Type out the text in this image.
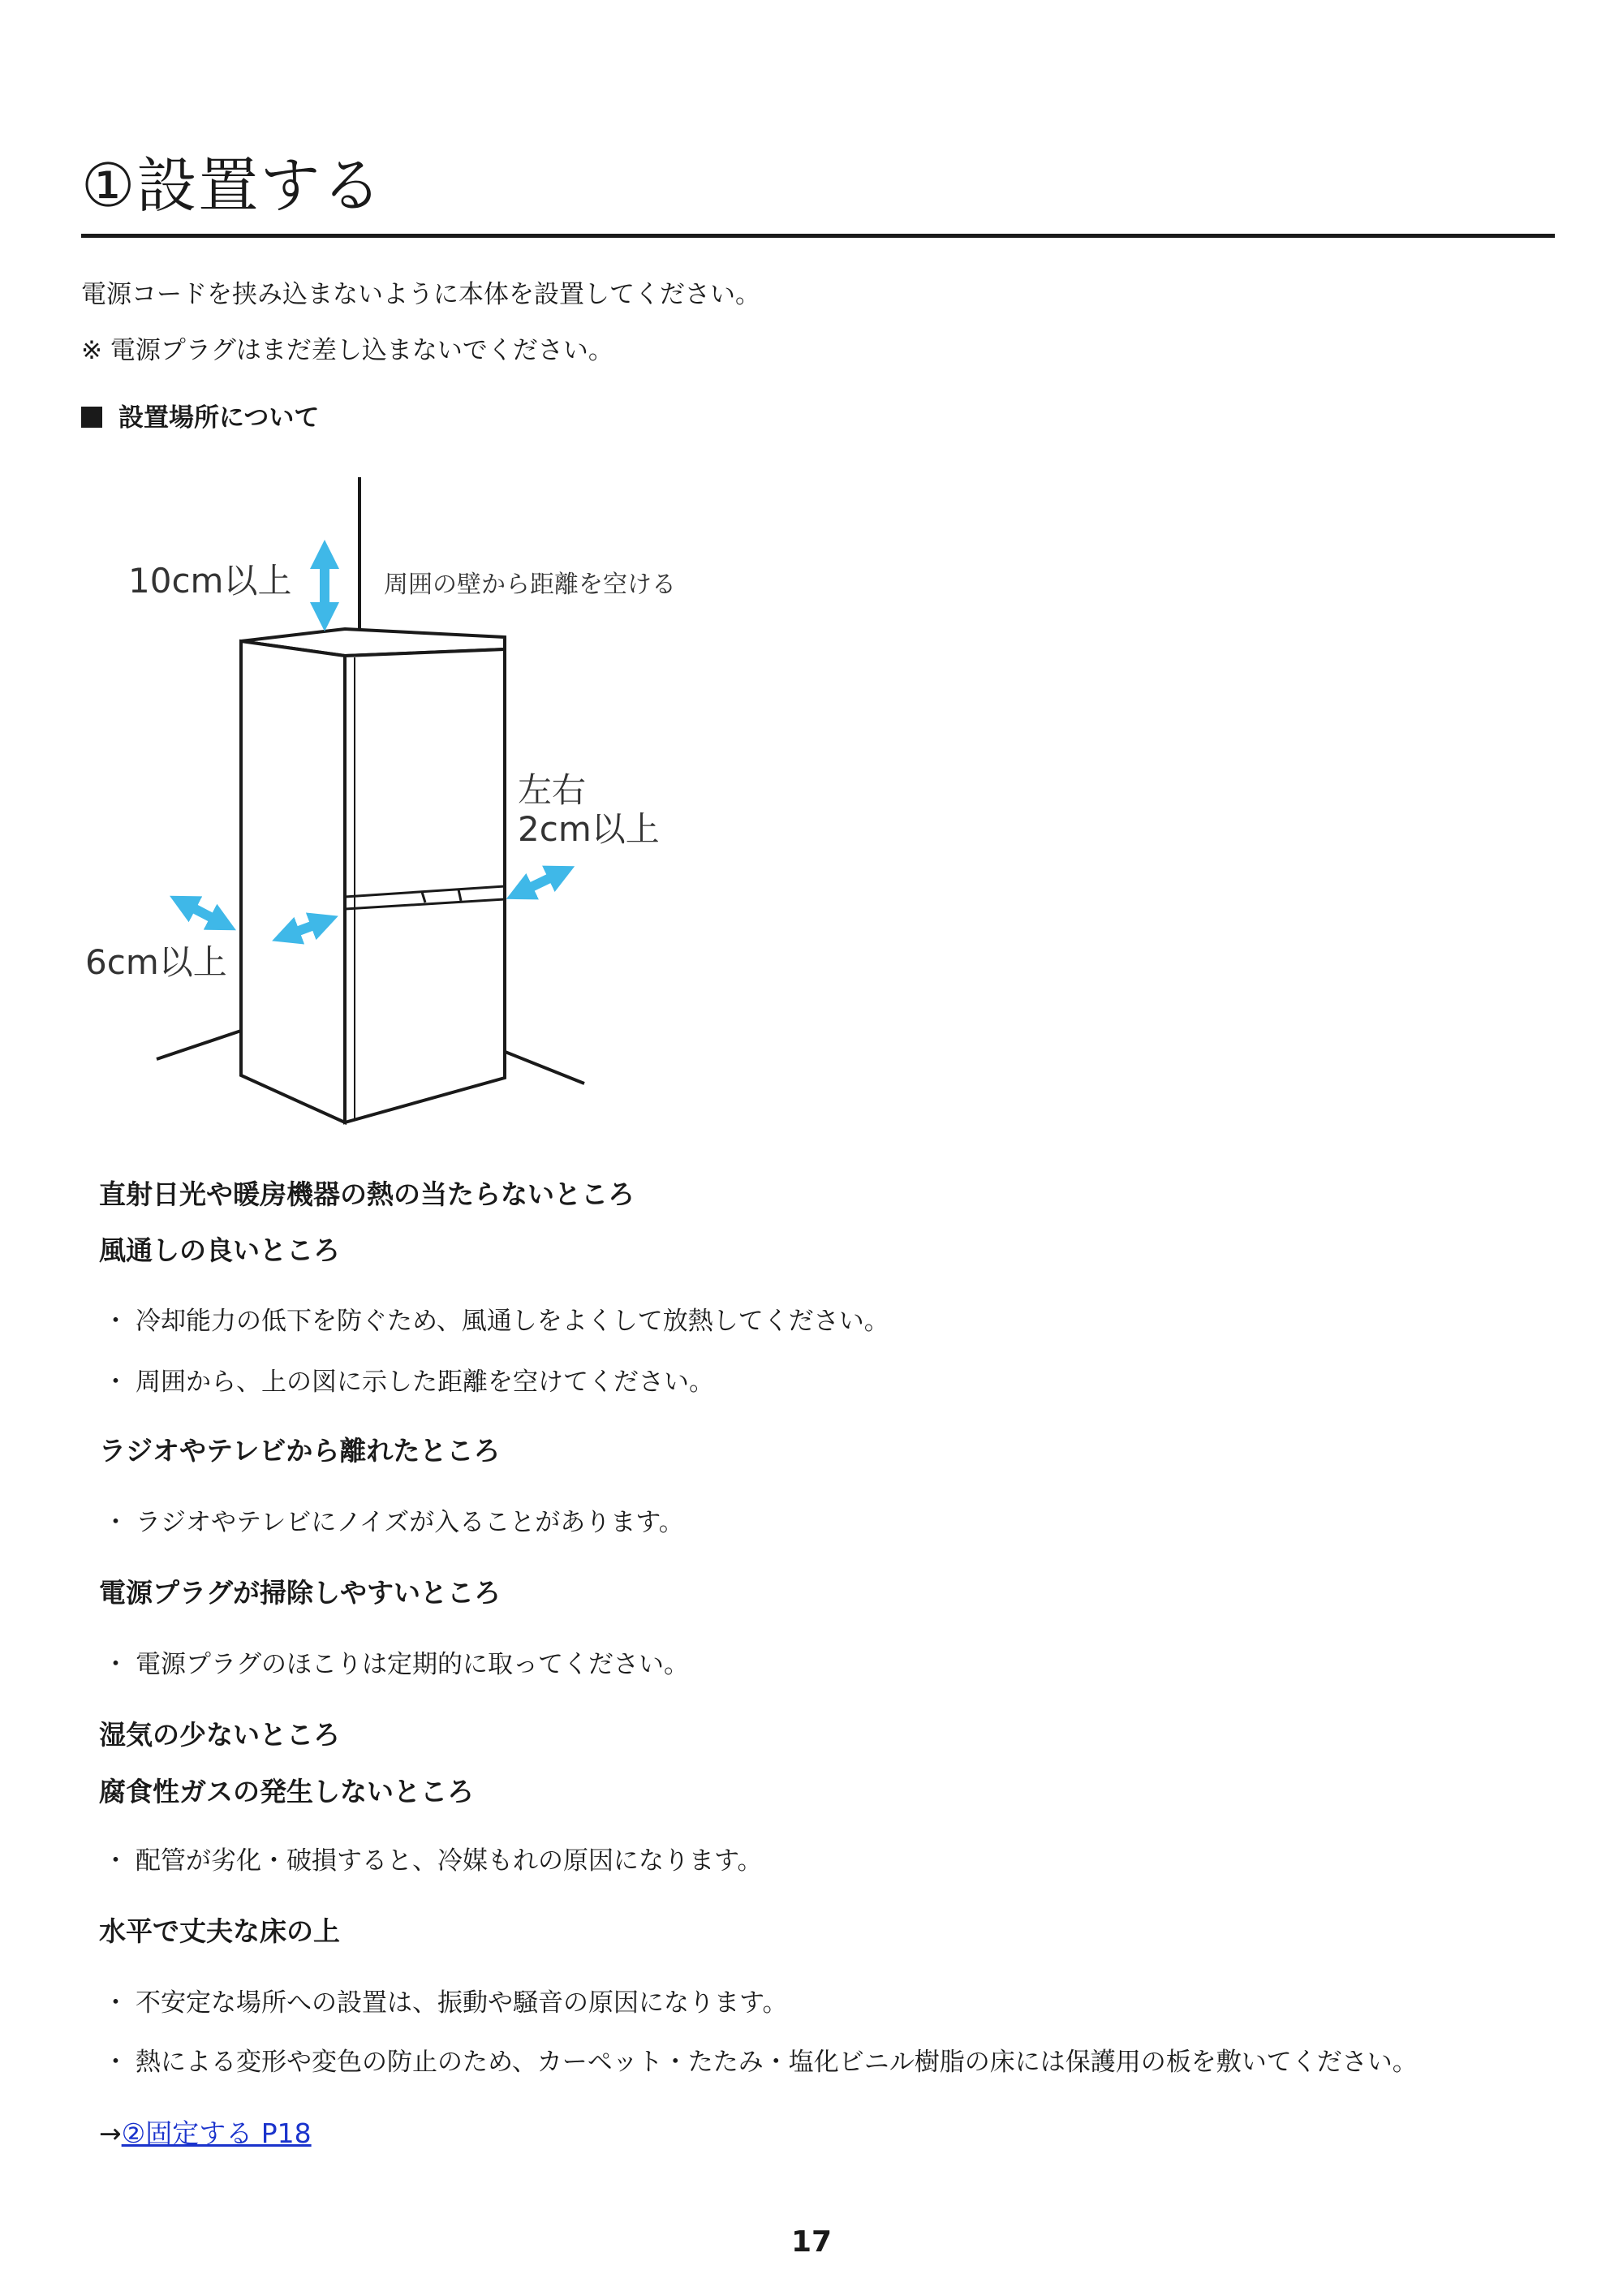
①設置する
電源コードを挟み込まないように本体を設置してください。
※ 電源プラグはまだ差し込まないでください。
設置場所について
10cm以上	周囲の壁から距離を空ける
左右
2cm以上
6cm以上
直射日光や暖房機器の熱の当たらないところ
風通しの良いところ
・ 冷却能力の低下を防ぐため、風通しをよくして放熱してください。
・ 周囲から、上の図に示した距離を空けてください。
ラジオやテレビから離れたところ
・ ラジオやテレビにノイズが入ることがあります。
電源プラグが掃除しやすいところ
・ 電源プラグのほこりは定期的に取ってください。
湿気の少ないところ
腐食性ガスの発生しないところ
・ 配管が劣化・破損すると、冷媒もれの原因になります。
水平で丈夫な床の上
・ 不安定な場所への設置は、振動や騒音の原因になります。
・ 熱による変形や変色の防止のため、カーペット・たたみ・塩化ビニル樹脂の床には保護用の板を敷いてください。
→②固定する P18
17
